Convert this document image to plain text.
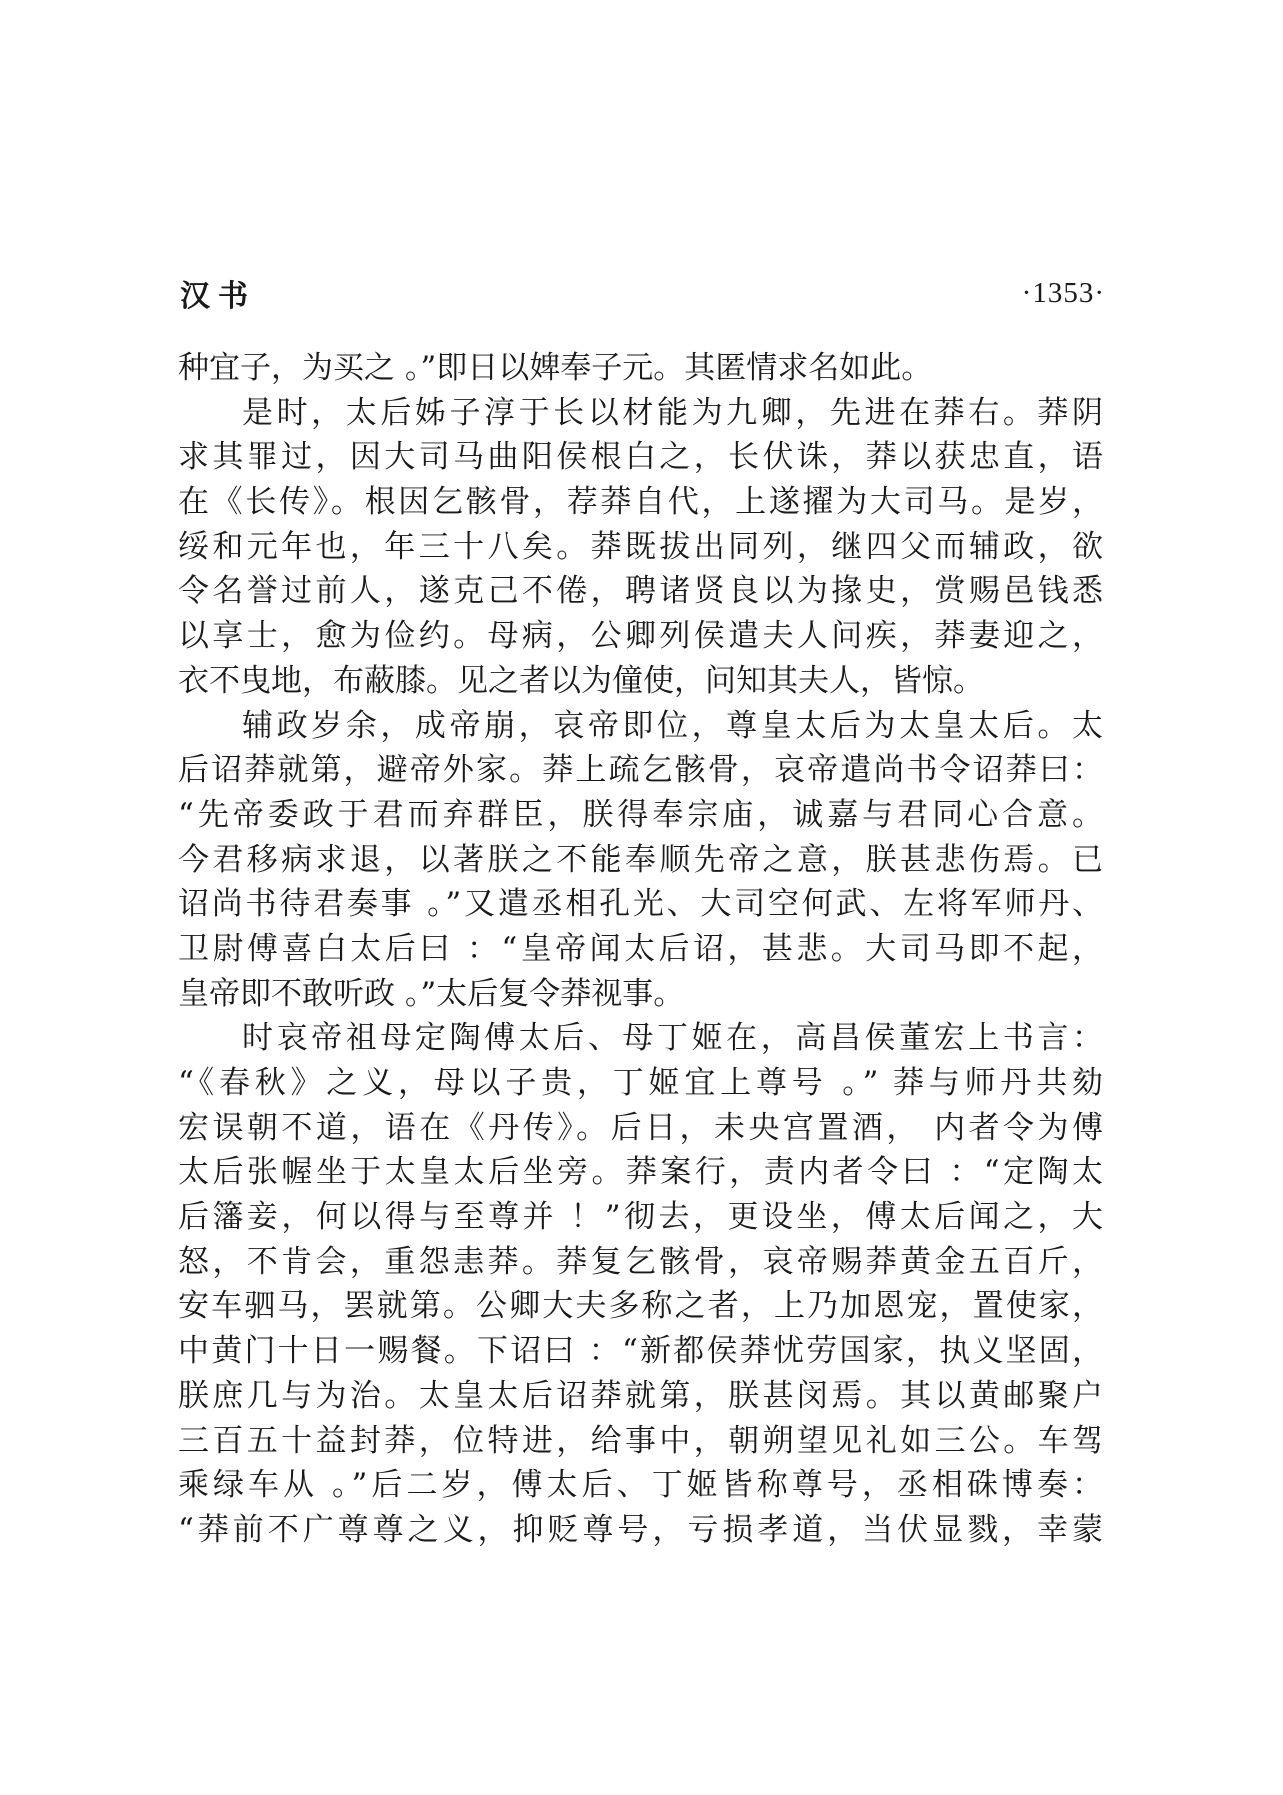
汉书	·1353·
种宜子，为买之 。”即日以婢奉子元。其匿情求名如此。
是时，太后姊子淳于长以材能为九卿，先进在莽右。莽阴
求其罪过，因大司马曲阳侯根白之，长伏诛，莽以获忠直，语
在《长传》。根因乞骸骨，荐莽自代，上遂擢为大司马。是岁，
绥和元年也，年三十八矣。莽既拔出同列，继四父而辅政，欲
令名誉过前人，遂克己不倦，聘诸贤良以为掾史，赏赐邑钱悉
以享士，愈为俭约。母病，公卿列侯遣夫人问疾，莽妻迎之，
衣不曳地，布蔽膝。见之者以为僮使，问知其夫人，皆惊。
辅政岁余，成帝崩，哀帝即位，尊皇太后为太皇太后。太
后诏莽就第，避帝外家。莽上疏乞骸骨，哀帝遣尚书令诏莽曰：
“先帝委政于君而弃群臣，朕得奉宗庙，诚嘉与君同心合意。
今君移病求退，以著朕之不能奉顺先帝之意，朕甚悲伤焉。已
诏尚书待君奏事 。”又遣丞相孔光、大司空何武、左将军师丹、
卫尉傅喜白太后曰 ：“皇帝闻太后诏，甚悲。大司马即不起，
皇帝即不敢听政 。”太后复令莽视事。
时哀帝祖母定陶傅太后、母丁姬在，高昌侯董宏上书言：
“《春秋》之义，母以子贵，丁姬宜上尊号 。” 莽与师丹共劾
宏误朝不道，语在《丹传》。后日，未央宫置酒， 内者令为傅
太后张幄坐于太皇太后坐旁。莽案行，责内者令曰 ：“定陶太
后籓妾，何以得与至尊并 ！”彻去，更设坐，傅太后闻之，大
怒，不肯会，重怨恚莽。莽复乞骸骨，哀帝赐莽黄金五百斤，
安车驷马，罢就第。公卿大夫多称之者，上乃加恩宠，置使家，
中黄门十日一赐餐。下诏曰 ：“新都侯莽忧劳国家，执义坚固，
朕庶几与为治。太皇太后诏莽就第，朕甚闵焉。其以黄邮聚户
三百五十益封莽，位特进，给事中，朝朔望见礼如三公。车驾
乘绿车从 。”后二岁，傅太后、丁姬皆称尊号，丞相硃博奏：
“莽前不广尊尊之义，抑贬尊号，亏损孝道，当伏显戮，幸蒙
